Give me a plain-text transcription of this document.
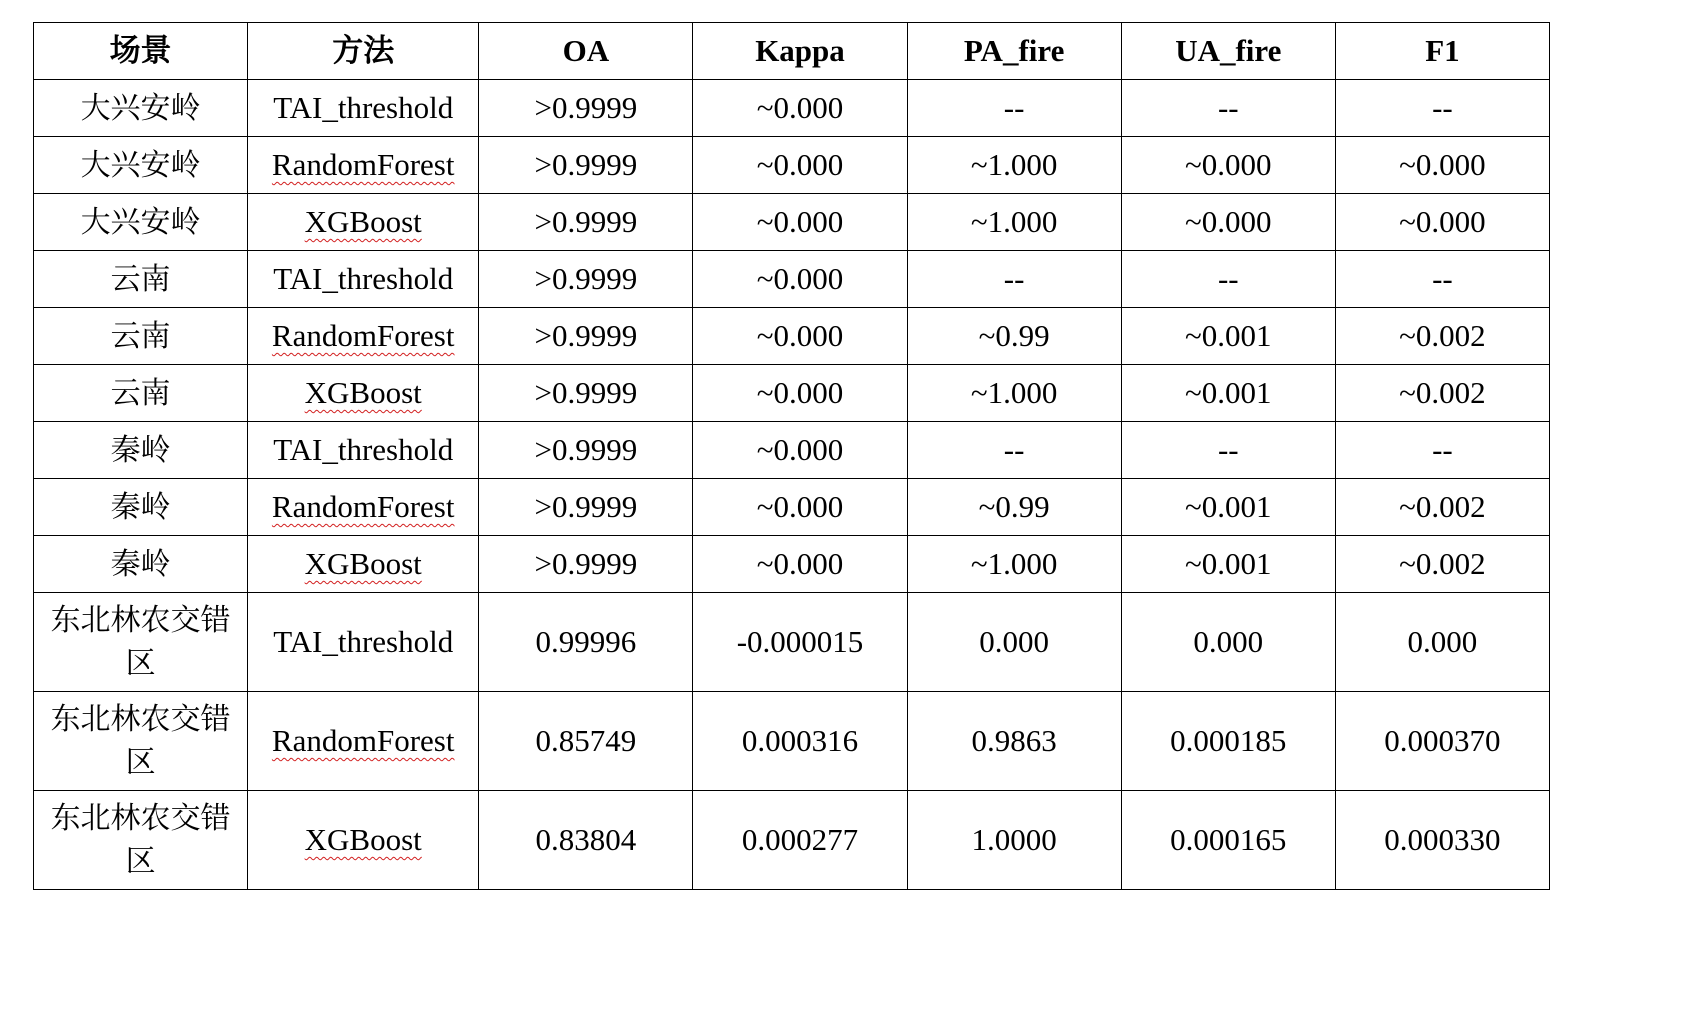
场景	方法	OA	Kappa	PA_fire	UA_fire	F1
大兴安岭	TAI_threshold	>0.9999	~0.000	--	--	--
大兴安岭	RandomForest	>0.9999	~0.000	~1.000	~0.000	~0.000
大兴安岭	XGBoost	>0.9999	~0.000	~1.000	~0.000	~0.000
云南	TAI_threshold	>0.9999	~0.000	--	--	--
云南	RandomForest	>0.9999	~0.000	~0.99	~0.001	~0.002
云南	XGBoost	>0.9999	~0.000	~1.000	~0.001	~0.002
秦岭	TAI_threshold	>0.9999	~0.000	--	--	--
秦岭	RandomForest	>0.9999	~0.000	~0.99	~0.001	~0.002
秦岭	XGBoost	>0.9999	~0.000	~1.000	~0.001	~0.002
东北林农交错区	TAI_threshold	0.99996	-0.000015	0.000	0.000	0.000
东北林农交错区	RandomForest	0.85749	0.000316	0.9863	0.000185	0.000370
东北林农交错区	XGBoost	0.83804	0.000277	1.0000	0.000165	0.000330
